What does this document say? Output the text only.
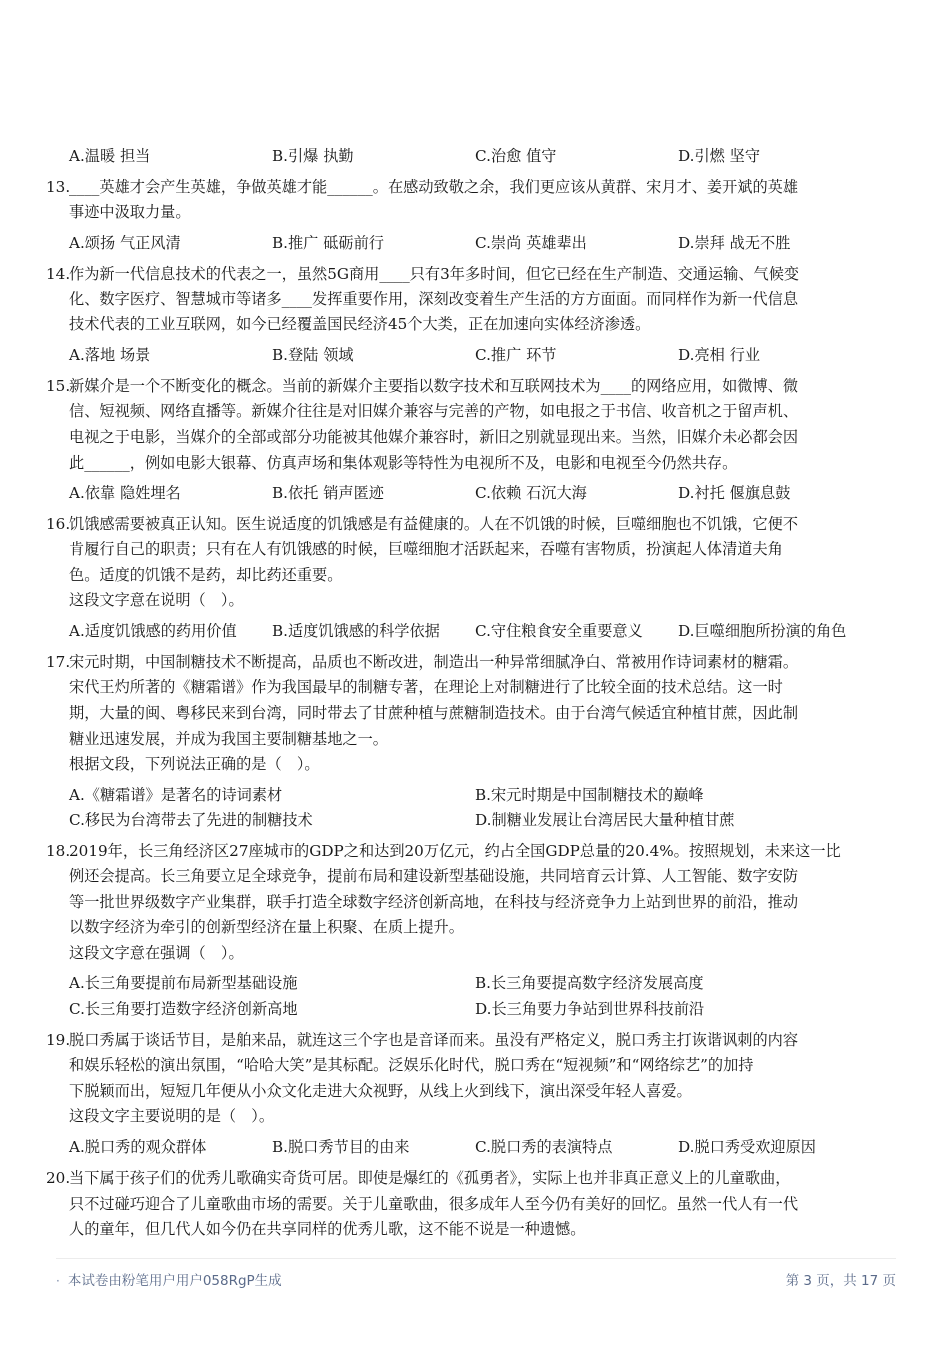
A.温暖 担当	B.引爆 执勤	C.治愈 值守	D.引燃 坚守
13.____英雄才会产生英雄，争做英雄才能______。在感动致敬之余，我们更应该从黄群、宋月才、姜开斌的英雄
事迹中汲取力量。
A.颂扬 气正风清	B.推广 砥砺前行	C.崇尚 英雄辈出	D.崇拜 战无不胜
14.作为新一代信息技术的代表之一，虽然5G商用____只有3年多时间，但它已经在生产制造、交通运输、气候变
化、数字医疗、智慧城市等诸多____发挥重要作用，深刻改变着生产生活的方方面面。而同样作为新一代信息
技术代表的工业互联网，如今已经覆盖国民经济45个大类，正在加速向实体经济渗透。
A.落地 场景	B.登陆 领域	C.推广 环节	D.亮相 行业
15.新媒介是一个不断变化的概念。当前的新媒介主要指以数字技术和互联网技术为____的网络应用，如微博、微
信、短视频、网络直播等。新媒介往往是对旧媒介兼容与完善的产物，如电报之于书信、收音机之于留声机、
电视之于电影，当媒介的全部或部分功能被其他媒介兼容时，新旧之别就显现出来。当然，旧媒介未必都会因
此______，例如电影大银幕、仿真声场和集体观影等特性为电视所不及，电影和电视至今仍然共存。
A.依靠 隐姓埋名	B.依托 销声匿迹	C.依赖 石沉大海	D.衬托 偃旗息鼓
16.饥饿感需要被真正认知。医生说适度的饥饿感是有益健康的。人在不饥饿的时候，巨噬细胞也不饥饿，它便不
肯履行自己的职责；只有在人有饥饿感的时候，巨噬细胞才活跃起来，吞噬有害物质，扮演起人体清道夫角
色。适度的饥饿不是药，却比药还重要。
这段文字意在说明（　）。
A.适度饥饿感的药用价值 B.适度饥饿感的科学依据 C.守住粮食安全重要意义 D.巨噬细胞所扮演的角色
17.宋元时期，中国制糖技术不断提高，品质也不断改进，制造出一种异常细腻净白、常被用作诗词素材的糖霜。
宋代王灼所著的《糖霜谱》作为我国最早的制糖专著，在理论上对制糖进行了比较全面的技术总结。这一时
期，大量的闽、粤移民来到台湾，同时带去了甘蔗种植与蔗糖制造技术。由于台湾气候适宜种植甘蔗，因此制
糖业迅速发展，并成为我国主要制糖基地之一。
根据文段，下列说法正确的是（　）。
A.《糖霜谱》是著名的诗词素材	B.宋元时期是中国制糖技术的巅峰
C.移民为台湾带去了先进的制糖技术	D.制糖业发展让台湾居民大量种植甘蔗
18.2019年，长三角经济区27座城市的GDP之和达到20万亿元，约占全国GDP总量的20.4%。按照规划，未来这一比
例还会提高。长三角要立足全球竞争，提前布局和建设新型基础设施，共同培育云计算、人工智能、数字安防
等一批世界级数字产业集群，联手打造全球数字经济创新高地，在科技与经济竞争力上站到世界的前沿，推动
以数字经济为牵引的创新型经济在量上积聚、在质上提升。
这段文字意在强调（　）。
A.长三角要提前布局新型基础设施	B.长三角要提高数字经济发展高度
C.长三角要打造数字经济创新高地	D.长三角要力争站到世界科技前沿
19.脱口秀属于谈话节目，是舶来品，就连这三个字也是音译而来。虽没有严格定义，脱口秀主打诙谐讽刺的内容
和娱乐轻松的演出氛围，“哈哈大笑”是其标配。泛娱乐化时代，脱口秀在“短视频”和“网络综艺”的加持
下脱颖而出，短短几年便从小众文化走进大众视野，从线上火到线下，演出深受年轻人喜爱。
这段文字主要说明的是（　）。
A.脱口秀的观众群体	B.脱口秀节目的由来	C.脱口秀的表演特点	D.脱口秀受欢迎原因
20.当下属于孩子们的优秀儿歌确实奇货可居。即使是爆红的《孤勇者》，实际上也并非真正意义上的儿童歌曲，
只不过碰巧迎合了儿童歌曲市场的需要。关于儿童歌曲，很多成年人至今仍有美好的回忆。虽然一代人有一代
人的童年，但几代人如今仍在共享同样的优秀儿歌，这不能不说是一种遗憾。
· 本试卷由粉笔用户用户058RgP生成	第 3 页，共 17 页
